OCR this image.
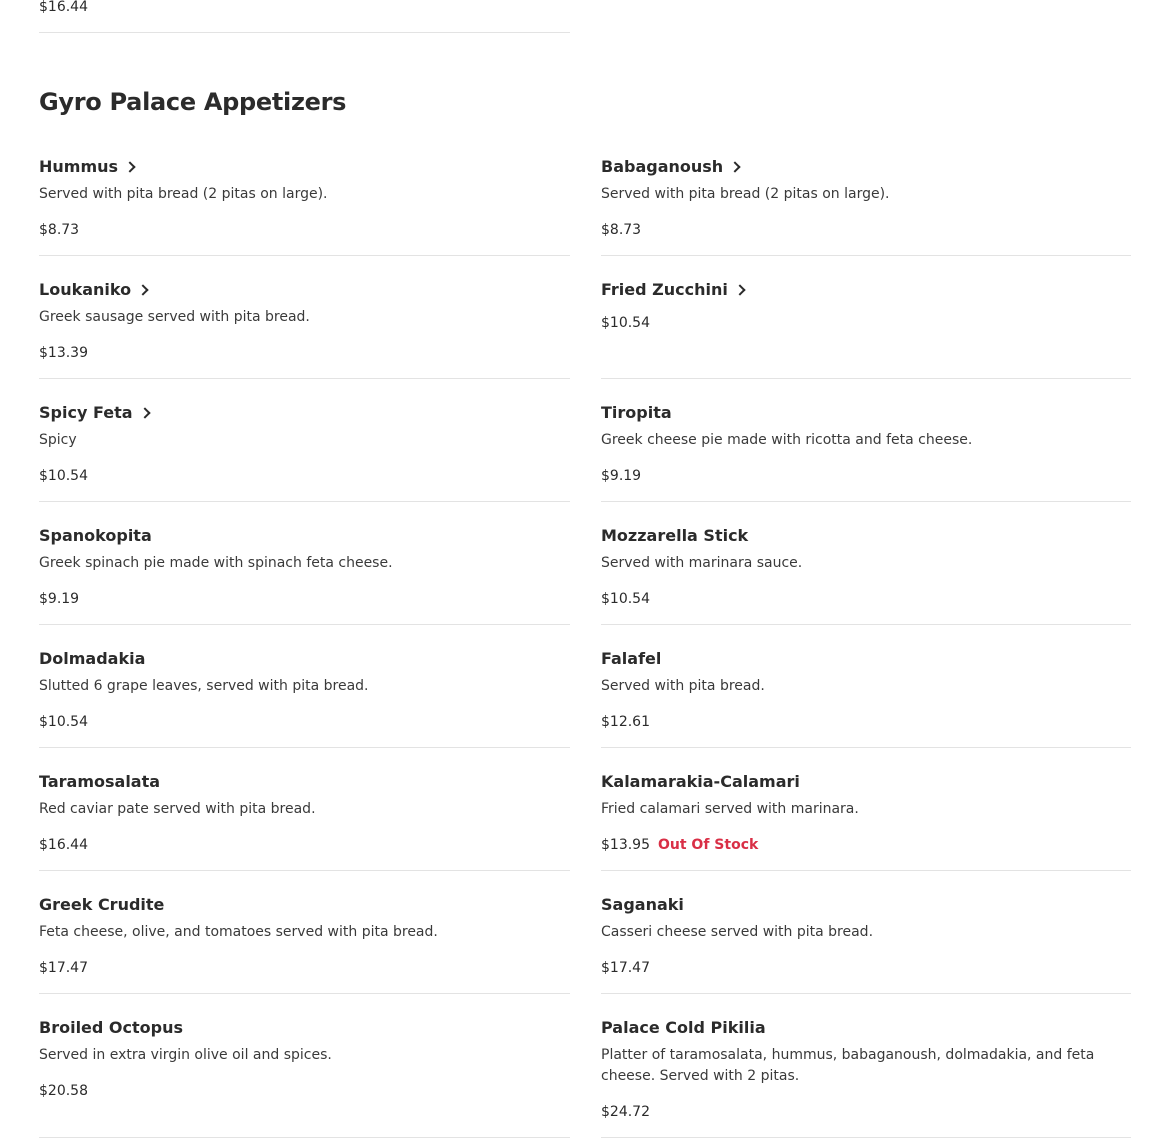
$16.44
Gyro Palace Appetizers
Hummus
Served with pita bread (2 pitas on large).
$8.73
Babaganoush
Served with pita bread (2 pitas on large).
$8.73
Loukaniko
Greek sausage served with pita bread.
$13.39
Fried Zucchini
$10.54
Spicy Feta
Spicy
$10.54
Tiropita
Greek cheese pie made with ricotta and feta cheese.
$9.19
Spanokopita
Greek spinach pie made with spinach feta cheese.
$9.19
Mozzarella Stick
Served with marinara sauce.
$10.54
Dolmadakia
Slutted 6 grape leaves, served with pita bread.
$10.54
Falafel
Served with pita bread.
$12.61
Taramosalata
Red caviar pate served with pita bread.
$16.44
Kalamarakia-Calamari
Fried calamari served with marinara.
$13.95 Out Of Stock
Greek Crudite
Feta cheese, olive, and tomatoes served with pita bread.
$17.47
Saganaki
Casseri cheese served with pita bread.
$17.47
Broiled Octopus
Served in extra virgin olive oil and spices.
$20.58
Palace Cold Pikilia
Platter of taramosalata, hummus, babaganoush, dolmadakia, and feta cheese. Served with 2 pitas.
$24.72
